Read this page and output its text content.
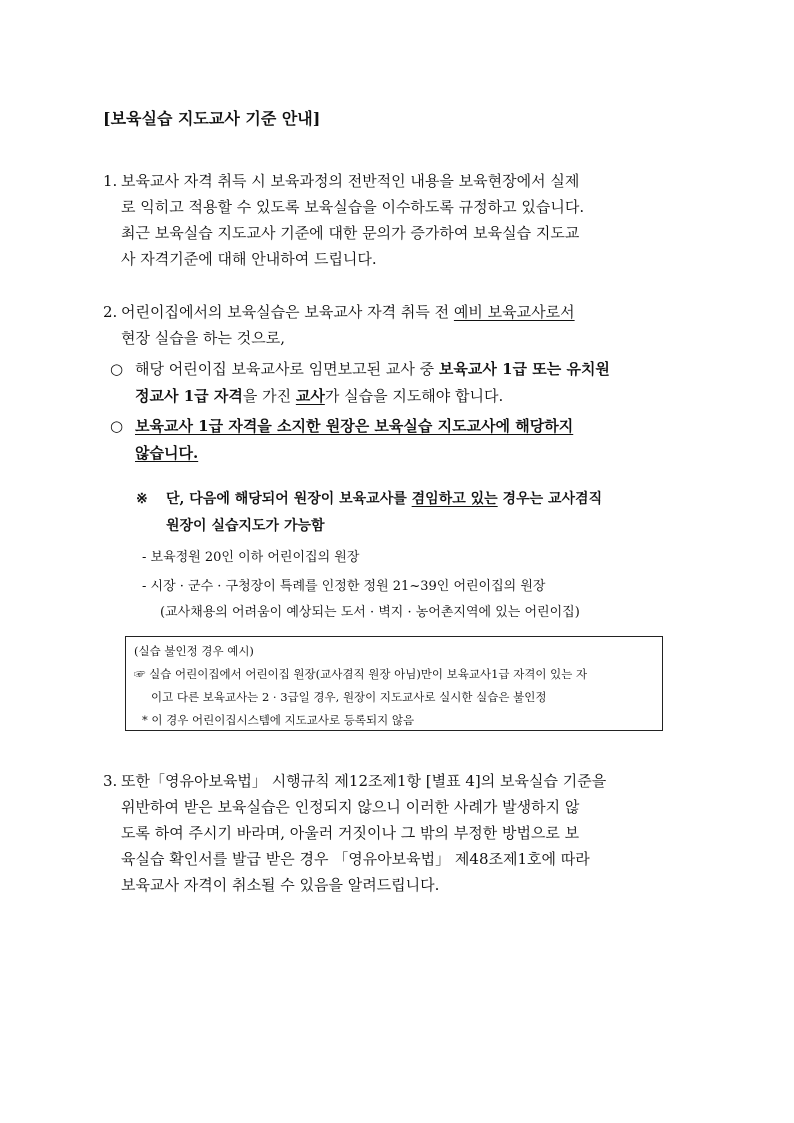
[보육실습 지도교사 기준 안내]
1. 보육교사 자격 취득 시 보육과정의 전반적인 내용을 보육현장에서 실제
로 익히고 적용할 수 있도록 보육실습을 이수하도록 규정하고 있습니다.
최근 보육실습 지도교사 기준에 대한 문의가 증가하여 보육실습 지도교
사 자격기준에 대해 안내하여 드립니다.
2. 어린이집에서의 보육실습은 보육교사 자격 취득 전 예비 보육교사로서
현장 실습을 하는 것으로,
○ 해당 어린이집 보육교사로 임면보고된 교사 중 보육교사 1급 또는 유치원
정교사 1급 자격을 가진 교사가 실습을 지도해야 합니다.
○ 보육교사 1급 자격을 소지한 원장은 보육실습 지도교사에 해당하지
않습니다.
※ 단, 다음에 해당되어 원장이 보육교사를 겸임하고 있는 경우는 교사겸직
원장이 실습지도가 가능함
- 보육정원 20인 이하 어린이집의 원장
- 시장 · 군수 · 구청장이 특례를 인정한 정원 21~39인 어린이집의 원장
(교사채용의 어려움이 예상되는 도서 · 벽지 · 농어촌지역에 있는 어린이집)
(실습 불인정 경우 예시)
☞ 실습 어린이집에서 어린이집 원장(교사겸직 원장 아님)만이 보육교사1급 자격이 있는 자
이고 다른 보육교사는 2 · 3급일 경우, 원장이 지도교사로 실시한 실습은 불인정
* 이 경우 어린이집시스템에 지도교사로 등록되지 않음
3. 또한「영유아보육법」 시행규칙 제12조제1항 [별표 4]의 보육실습 기준을
위반하여 받은 보육실습은 인정되지 않으니 이러한 사례가 발생하지 않
도록 하여 주시기 바라며, 아울러 거짓이나 그 밖의 부정한 방법으로 보
육실습 확인서를 발급 받은 경우 「영유아보육법」 제48조제1호에 따라
보육교사 자격이 취소될 수 있음을 알려드립니다.
